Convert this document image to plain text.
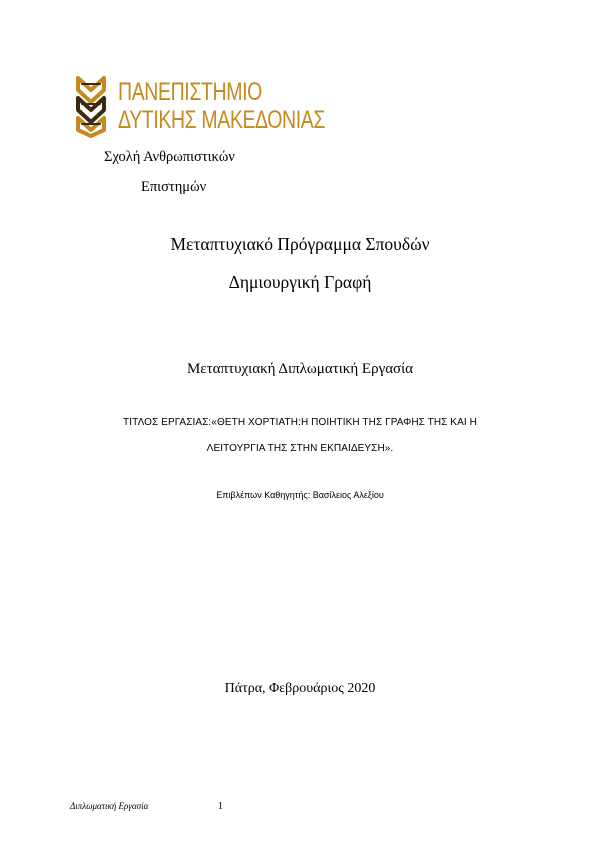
ΠΑΝΕΠΙΣΤΗΜΙΟ
ΔΥΤΙΚΗΣ ΜΑΚΕΔΟΝΙΑΣ
Σχολή Ανθρωπιστικών
Επιστημών
Μεταπτυχιακό Πρόγραμμα Σπουδών
Δημιουργική Γραφή
Μεταπτυχιακή Διπλωματική Εργασία
ΤΙΤΛΟΣ ΕΡΓΑΣΙΑΣ:«ΘΕΤΗ ΧΟΡΤΙΑΤΗ:Η ΠΟΙΗΤΙΚΗ ΤΗΣ ΓΡΑΦΗΣ ΤΗΣ ΚΑΙ Η
ΛΕΙΤΟΥΡΓΙΑ ΤΗΣ ΣΤΗΝ ΕΚΠΑΙΔΕΥΣΗ».
Επιβλέπων Καθηγητής: Βασίλειος Αλεξίου
Πάτρα, Φεβρουάριος 2020
Διπλωματική Εργασία	1
